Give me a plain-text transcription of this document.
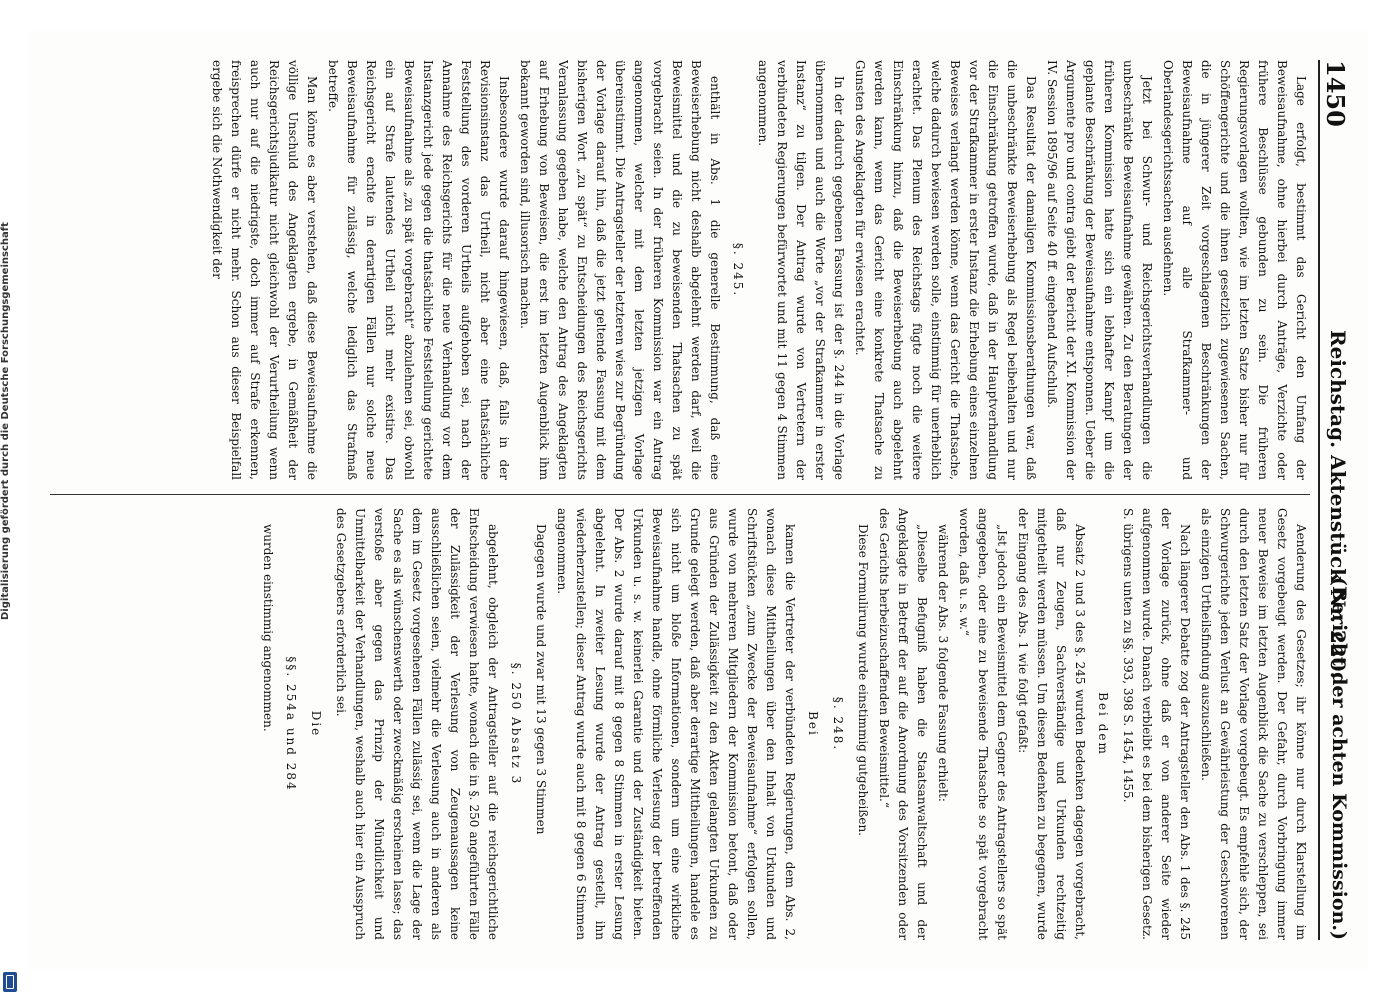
1450
Reichstag. Aktenstück Nr. 220.
(Bericht der achten Kommission.)

Lage erfolgt, bestimmt das Gericht den Umfang der Beweisaufnahme, ohne hierbei durch Anträge, Verzichte oder frühere Beschlüsse gebunden zu sein. Die früheren Regierungsvorlagen wollten, wie im letzten Satze bisher nur für Schöffengerichte und die ihnen gesetzlich zugewiesenen Sachen, die in jüngerer Zeit vorgeschlagenen Beschränkungen der Beweisaufnahme auf alle Strafkammer- und Oberlandesgerichtssachen ausdehnen.

Jetzt bei Schwur- und Reichsgerichtsverhandlungen die unbeschränkte Beweisaufnahme gewähren. Zu den Beratungen der früheren Kommission hatte sich ein lebhafter Kampf um die geplante Beschränkung der Beweisaufnahme entsponnen. Ueber die Argumente pro und contra giebt der Bericht der XI. Kommission der IV. Session 1895/96 auf Seite 40 ff. eingehend Aufschluß.

Das Resultat der damaligen Kommissionsberathungen war, daß die unbeschränkte Beweiserhebung als Regel beibehalten und nur die Einschränkung getroffen wurde, daß in der Hauptverhandlung vor der Strafkammer in erster Instanz die Erhebung eines einzelnen Beweises verlangt werden könne, wenn das Gericht die Thatsache, welche dadurch bewiesen werden solle, einstimmig für unerheblich erachtet. Das Plenum des Reichstags fügte noch die weitere Einschränkung hinzu, daß die Beweiserhebung auch abgelehnt werden kann, wenn das Gericht eine konkrete Thatsache zu Gunsten des Angeklagten für erwiesen erachtet.

In der dadurch gegebenen Fassung ist der §. 244 in die Vorlage übernommen und auch die Worte „vor der Strafkammer in erster Instanz“ zu tilgen. Der Antrag wurde von Vertretern der verbündeten Regierungen befürwortet und mit 11 gegen 4 Stimmen angenommen.

§. 245.

enthält in Abs. 1 die generelle Bestimmung, daß eine Beweiserhebung nicht deshalb abgelehnt werden darf, weil die Beweismittel und die zu beweisenden Thatsachen zu spät vorgebracht seien. In der früheren Kommission war ein Antrag angenommen, welcher mit dem letzten jetzigen Vorlage übereinstimmt. Die Antragsteller der letzteren wies zur Begründung der Vorlage darauf hin, daß die jetzt geltende Fassung mit dem bisherigen Wort „zu spät“ zu Entscheidungen des Reichsgerichts Veranlassung gegeben habe, welche den Antrag des Angeklagten auf Erhebung von Beweisen, die erst im letzten Augenblick ihm bekannt geworden sind, illusorisch machen.

Insbesondere wurde darauf hingewiesen, daß, falls in der Revisionsinstanz das Urtheil, nicht aber eine thatsächliche Feststellung des vorderen Urtheils aufgehoben sei, nach der Annahme des Reichsgerichts für die neue Verhandlung vor dem Instanzgericht jede gegen die thatsächliche Feststellung gerichtete Beweisaufnahme als „zu spät vorgebracht“ abzulehnen sei, obwohl ein auf Strafe lautendes Urtheil nicht mehr existire. Das Reichsgericht erachte in derartigen Fällen nur solche neue Beweisaufnahme für zulässig, welche lediglich das Strafmaß betreffe.

Man könne es aber verstehen, daß diese Beweisaufnahme die völlige Unschuld des Angeklagten ergebe, in Gemäßheit der Reichsgerichtsjudikatur nicht gleichwohl der Verurtheilung wenn auch nur auf die niedrigste, doch immer auf Strafe erkennen, freisprechen dürfe er nicht mehr. Schon aus dieser Beispielfall ergebe sich die Nothwendigkeit der

Aenderung des Gesetzes; ihr könne nur durch Klarstellung im Gesetz vorgebeugt werden. Der Gefahr, durch Vorbringung immer neuer Beweise im letzten Augenblick die Sache zu verschleppen, sei durch den letzten Satz der Vorlage vorgebeugt. Es empfehle sich, der Schwurgerichte jeden Verlust an Gewährleistung der Geschworenen als einzigen Urtheilsfindung auszuschließen.

Nach längerer Debatte zog der Antragsteller den Abs. 1 des §. 245 der Vorlage zurück, ohne daß er von anderer Seite wieder aufgenommen wurde. Danach verbleibt es bei dem bisherigen Gesetz. S. übrigens unten zu §§. 393, 398 S. 1454, 1455.

Bei dem

Absatz 2 und 3 des §. 245 wurden Bedenken dagegen vorgebracht, daß nur Zeugen, Sachverständige und Urkunden rechtzeitig mitgetheilt werden müssen. Um diesen Bedenken zu begegnen, wurde der Eingang des Abs. 1 wie folgt gefaßt:

„Ist jedoch ein Beweismittel dem Gegner des Antragstellers so spät angegeben, oder eine zu beweisende Thatsache so spät vorgebracht worden, daß u. s. w.“

während der Abs. 3 folgende Fassung erhielt:

„Dieselbe Befugniß haben die Staatsanwaltschaft und der Angeklagte in Betreff der auf die Anordnung des Vorsitzenden oder des Gerichts herbeizuschaffenden Beweismittel.“

Diese Formulirung wurde einstimmig gutgeheißen.

§. 248.
Bei

kamen die Vertreter der verbündeten Regierungen, dem Abs. 2, wonach diese Mittheilungen über den Inhalt von Urkunden und Schriftstücken „zum Zwecke der Beweisaufnahme“ erfolgen sollen, wurde von mehreren Mitgliedern der Kommission betont, daß oder aus Gründen der Zulässigkeit zu den Akten gelangten Urkunden zu Grunde gelegt werden, daß aber derartige Mittheilungen, handele es sich nicht um bloße Informationen, sondern um eine wirkliche Beweisaufnahme handle, ohne förmliche Verlesung der betreffenden Urkunden u. s. w. keinerlei Garantie und der Zuständigkeit bieten. Der Abs. 2 wurde darauf mit 8 gegen 8 Stimmen in erster Lesung abgelehnt. In zweiter Lesung wurde der Antrag gestellt, ihn wiederherzustellen; dieser Antrag wurde auch mit 8 gegen 6 Stimmen angenommen.

Dagegen wurde und zwar mit 13 gegen 3 Stimmen

§. 250 Absatz 3

abgelehnt, obgleich der Antragsteller auf die reichsgerichtliche Entscheidung verwiesen hatte, wonach die in §. 250 angeführten Fälle der Zulässigkeit der Verlesung von Zeugenaussagen keine ausschließlichen seien, vielmehr die Verlesung auch in anderen als dem im Gesetz vorgesehenen Fällen zulässig sei, wenn die Lage der Sache es als wünschenswerth oder zweckmäßig erscheinen lasse; das verstoße aber gegen das Prinzip der Mündlichkeit und Unmittelbarkeit der Verhandlungen, weshalb auch hier ein Ausspruch des Gesetzgebers erforderlich sei.

Die
§§. 254a und 284

wurden einstimmig angenommen.

Digitalisierung gefördert durch die Deutsche Forschungsgemeinschaft
